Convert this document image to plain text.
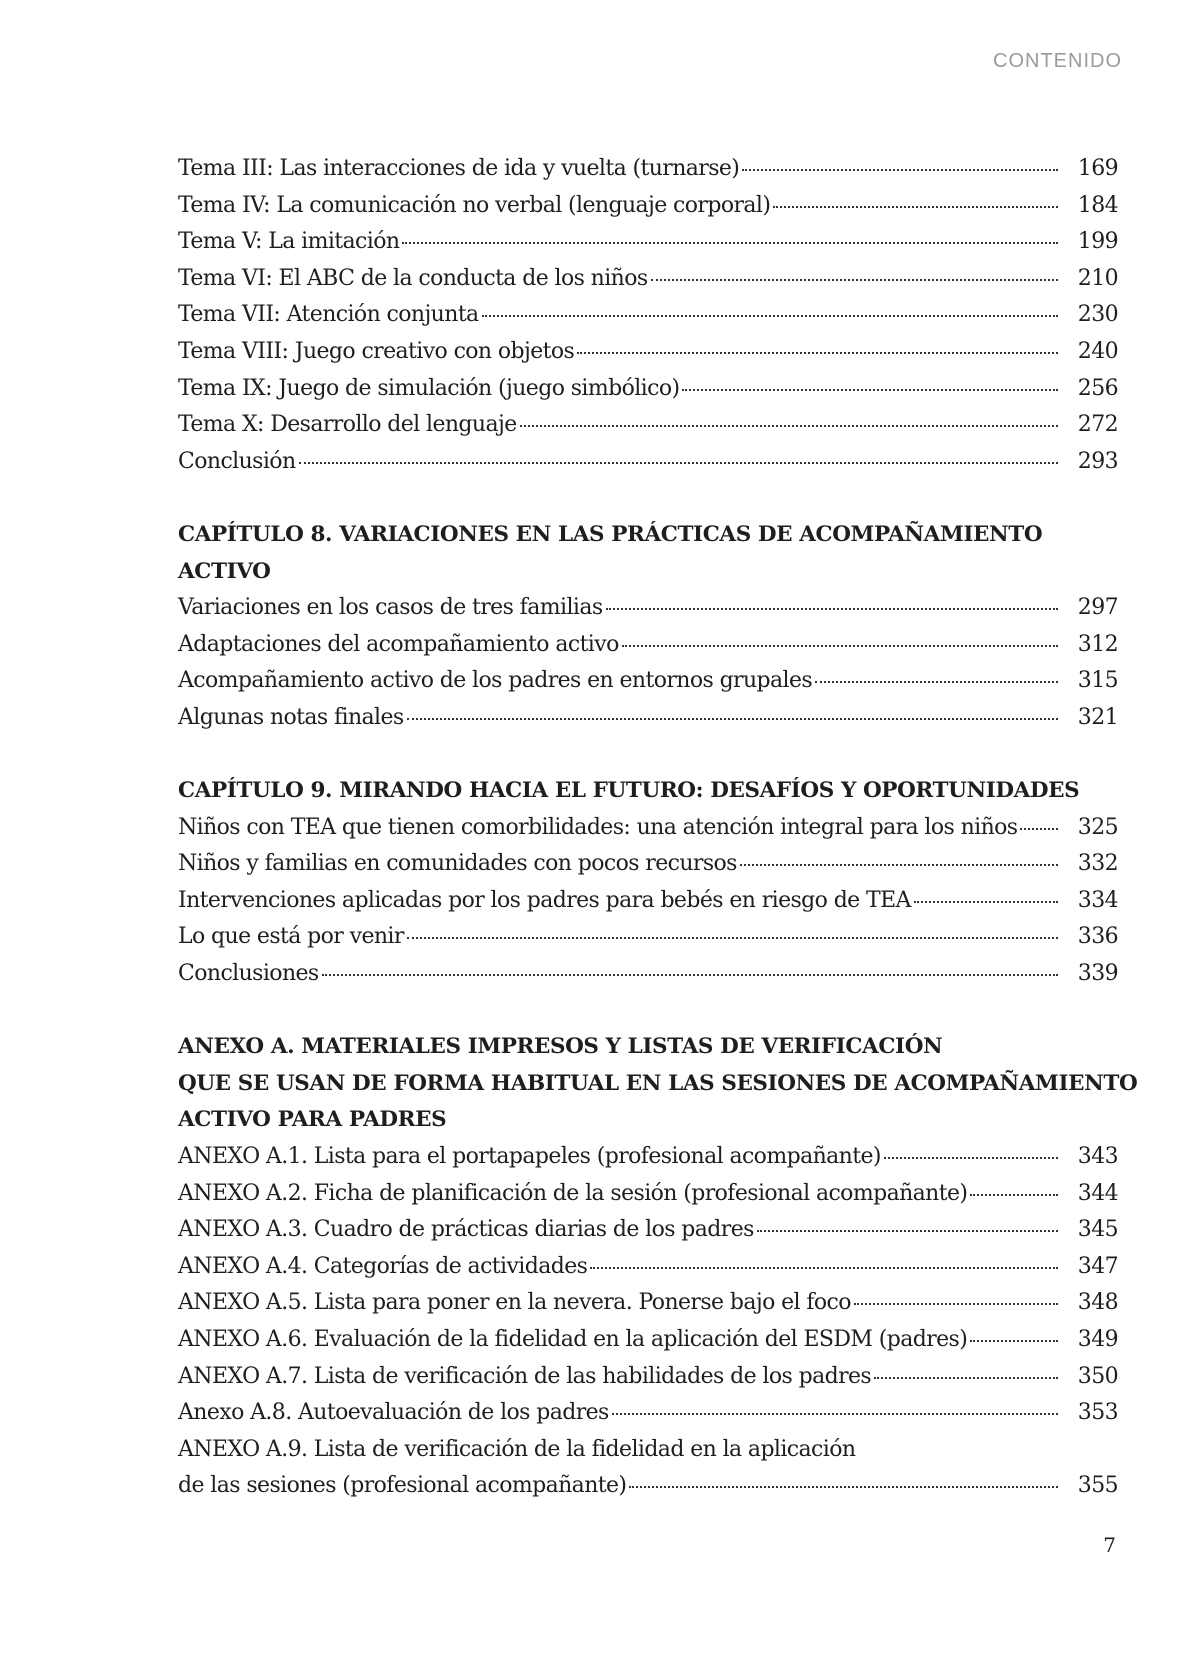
CONTENIDO
Tema III: Las interacciones de ida y vuelta (turnarse)	169
Tema IV: La comunicación no verbal (lenguaje corporal)	184
Tema V: La imitación	199
Tema VI: El ABC de la conducta de los niños	210
Tema VII: Atención conjunta	230
Tema VIII: Juego creativo con objetos	240
Tema IX: Juego de simulación (juego simbólico)	256
Tema X: Desarrollo del lenguaje	272
Conclusión	293
CAPÍTULO 8. VARIACIONES EN LAS PRÁCTICAS DE ACOMPAÑAMIENTO
ACTIVO
Variaciones en los casos de tres familias	297
Adaptaciones del acompañamiento activo	312
Acompañamiento activo de los padres en entornos grupales	315
Algunas notas finales	321
CAPÍTULO 9. MIRANDO HACIA EL FUTURO: DESAFÍOS Y OPORTUNIDADES
Niños con TEA que tienen comorbilidades: una atención integral para los niños	325
Niños y familias en comunidades con pocos recursos	332
Intervenciones aplicadas por los padres para bebés en riesgo de TEA	334
Lo que está por venir	336
Conclusiones	339
ANEXO A. MATERIALES IMPRESOS Y LISTAS DE VERIFICACIÓN
QUE SE USAN DE FORMA HABITUAL EN LAS SESIONES DE ACOMPAÑAMIENTO
ACTIVO PARA PADRES
ANEXO A.1. Lista para el portapapeles (profesional acompañante)	343
ANEXO A.2. Ficha de planificación de la sesión (profesional acompañante)	344
ANEXO A.3. Cuadro de prácticas diarias de los padres	345
ANEXO A.4. Categorías de actividades	347
ANEXO A.5. Lista para poner en la nevera. Ponerse bajo el foco	348
ANEXO A.6. Evaluación de la fidelidad en la aplicación del ESDM (padres)	349
ANEXO A.7. Lista de verificación de las habilidades de los padres	350
Anexo A.8. Autoevaluación de los padres	353
ANEXO A.9. Lista de verificación de la fidelidad en la aplicación
de las sesiones (profesional acompañante)	355
7
